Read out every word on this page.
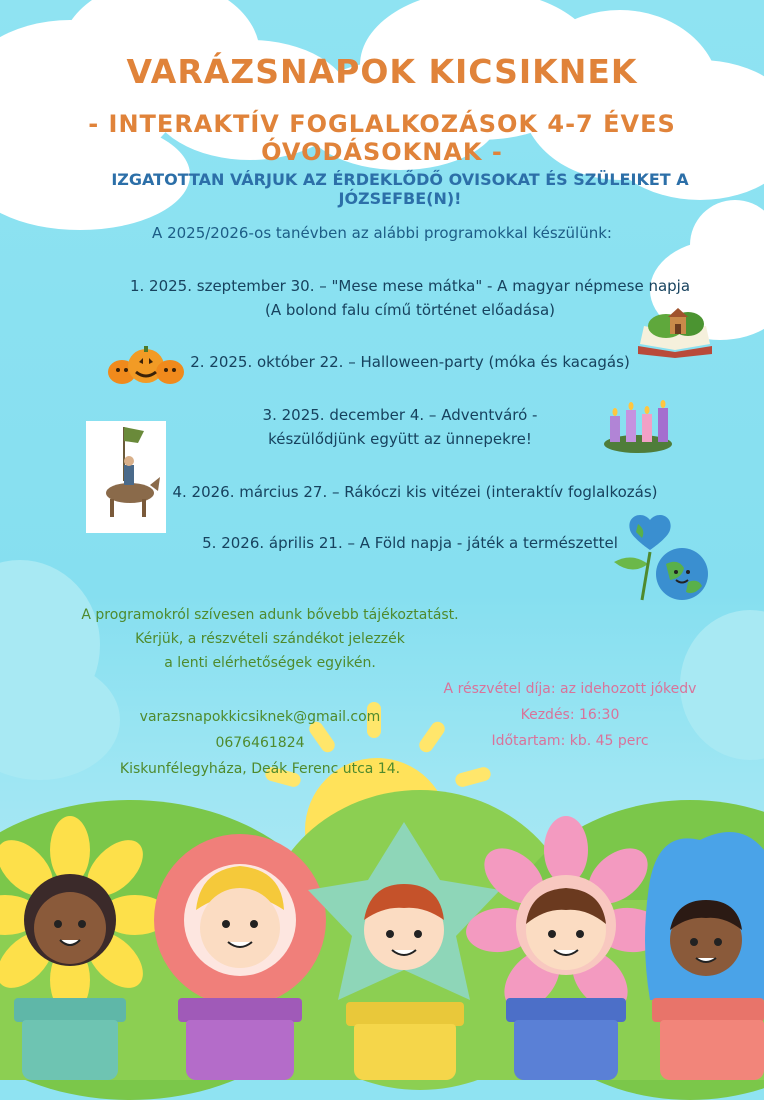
VARÁZSNAPOK KICSIKNEK
- INTERAKTÍV FOGLALKOZÁSOK 4-7 ÉVES ÓVODÁSOKNAK -
IZGATOTTAN VÁRJUK AZ ÉRDEKLŐDŐ OVISOKAT ÉS SZÜLEIKET A JÓZSEFBE(N)!
A 2025/2026-os tanévben az alábbi programokkal készülünk:
1. 2025. szeptember 30. – "Mese mese mátka" - A magyar népmese napja
(A bolond falu című történet előadása)
2. 2025. október 22. – Halloween-party (móka és kacagás)
3. 2025. december 4. – Adventváró -
készülődjünk együtt az ünnepekre!
4. 2026. március 27. – Rákóczi kis vitézei (interaktív foglalkozás)
5. 2026. április 21. – A Föld napja - játék a természettel
A programokról szívesen adunk bővebb tájékoztatást.
Kérjük, a részvételi szándékot jelezzék
a lenti elérhetőségek egyikén.
A részvétel díja: az idehozott jókedv
Kezdés: 16:30
Időtartam: kb. 45 perc
varazsnapokkicsiknek@gmail.com
0676461824
Kiskunfélegyháza, Deák Ferenc utca 14.
